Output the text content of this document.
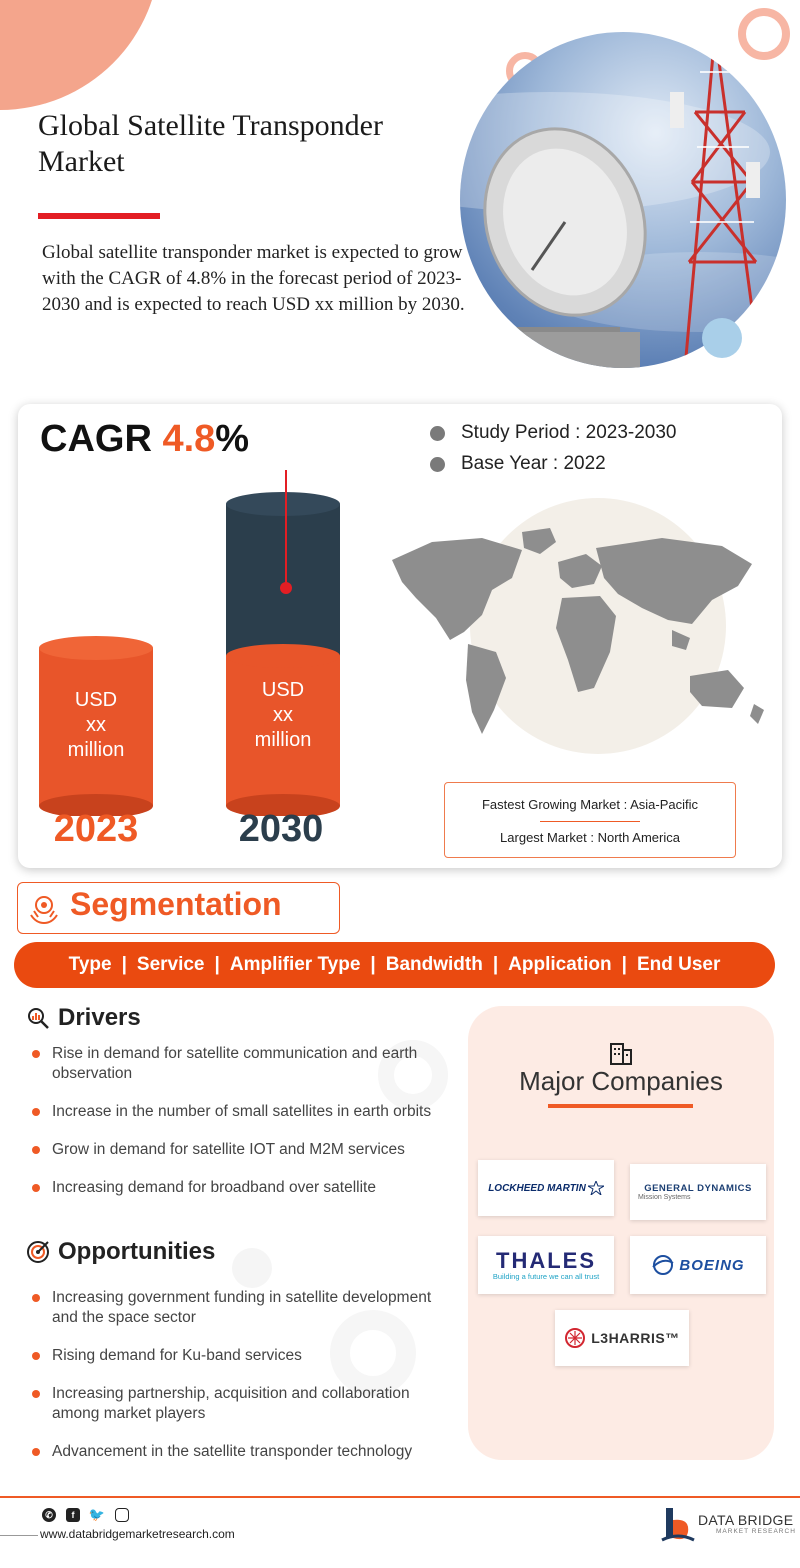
Global Satellite Transponder Market
Global satellite transponder market is expected to grow with the CAGR of 4.8% in the forecast period of 2023-2030 and is expected to reach USD xx million by 2030.
CAGR 4.8%	Study Period : 2023-2030
Base Year : 2022
USD
xx
million
USD
xx
million
2023	2030
Fastest Growing Market : Asia-Pacific
Largest Market : North America
Segmentation
Type | Service | Amplifier Type | Bandwidth | Application | End User
Drivers
Rise in demand for satellite communication and earth observation
Increase in the number of small satellites in earth orbits
Grow in demand for satellite IOT and M2M services
Increasing demand for broadband over satellite
Opportunities
Increasing government funding in satellite development and the space sector
Rising demand for Ku-band services
Increasing partnership, acquisition and collaboration among market players
Advancement in the satellite transponder technology
Major Companies
LOCKHEED MARTIN	GENERAL DYNAMICS
Mission Systems
THALES
Building a future we can all trust
BOEING
L3HARRIS™
✆	f	🐦
www.databridgemarketresearch.com
DATA BRIDGE
MARKET RESEARCH
